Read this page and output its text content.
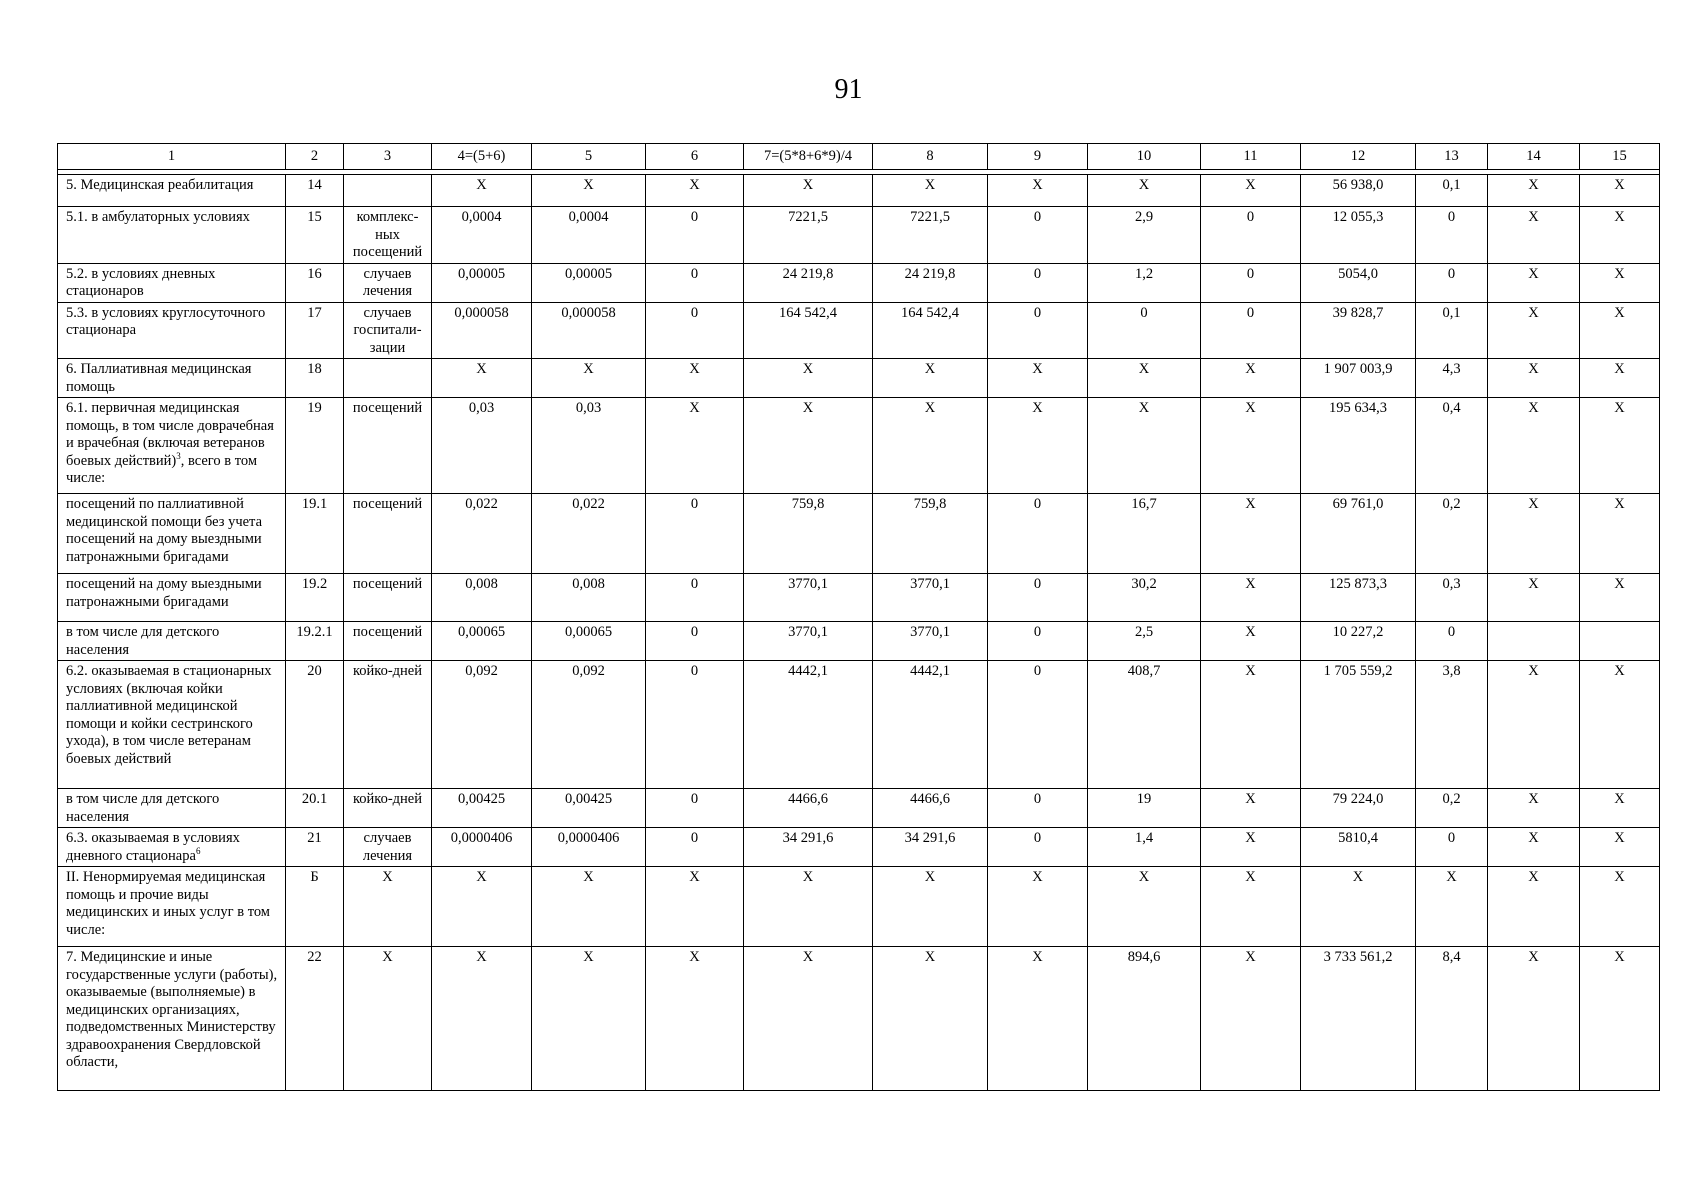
91
1	2	3	4=(5+6)	5	6	7=(5*8+6*9)/4	8	9	10	11	12	13	14	15

5. Медицинская реабилитация	14		X	X	X	X	X	X	X	X	56 938,0	0,1	X	X
5.1. в амбулаторных условиях	15	комплекс-ных посещений	0,0004	0,0004	0	7221,5	7221,5	0	2,9	0	12 055,3	0	X	X
5.2. в условиях дневных стационаров	16	случаев лечения	0,00005	0,00005	0	24 219,8	24 219,8	0	1,2	0	5054,0	0	X	X
5.3. в условиях круглосуточного стационара	17	случаев госпитали-зации	0,000058	0,000058	0	164 542,4	164 542,4	0	0	0	39 828,7	0,1	X	X
6. Паллиативная медицинская помощь	18		X	X	X	X	X	X	X	X	1 907 003,9	4,3	X	X
6.1. первичная медицинская помощь, в том числе доврачебная и врачебная (включая ветеранов боевых действий)$^3$, всего в том числе:	19	посещений	0,03	0,03	X	X	X	X	X	X	195 634,3	0,4	X	X
посещений по паллиативной медицинской помощи без учета посещений на дому выездными патронажными бригадами	19.1	посещений	0,022	0,022	0	759,8	759,8	0	16,7	X	69 761,0	0,2	X	X
посещений на дому выездными патронажными бригадами	19.2	посещений	0,008	0,008	0	3770,1	3770,1	0	30,2	X	125 873,3	0,3	X	X
в том числе для детского населения	19.2.1	посещений	0,00065	0,00065	0	3770,1	3770,1	0	2,5	X	10 227,2	0		
6.2. оказываемая в стационарных условиях (включая койки паллиативной медицинской помощи и койки сестринского ухода), в том числе ветеранам боевых действий	20	койко-дней	0,092	0,092	0	4442,1	4442,1	0	408,7	X	1 705 559,2	3,8	X	X
в том числе для детского населения	20.1	койко-дней	0,00425	0,00425	0	4466,6	4466,6	0	19	X	79 224,0	0,2	X	X
6.3. оказываемая в условиях дневного стационара$^6$	21	случаев лечения	0,0000406	0,0000406	0	34 291,6	34 291,6	0	1,4	X	5810,4	0	X	X
II. Ненормируемая медицинская помощь и прочие виды медицинских и иных услуг в том числе:	Б	X	X	X	X	X	X	X	X	X	X	X	X	X
7. Медицинские и иные государственные услуги (работы), оказываемые (выполняемые) в медицинских организациях, подведомственных Министерству здравоохранения Свердловской области,	22	X	X	X	X	X	X	X	894,6	X	3 733 561,2	8,4	X	X
